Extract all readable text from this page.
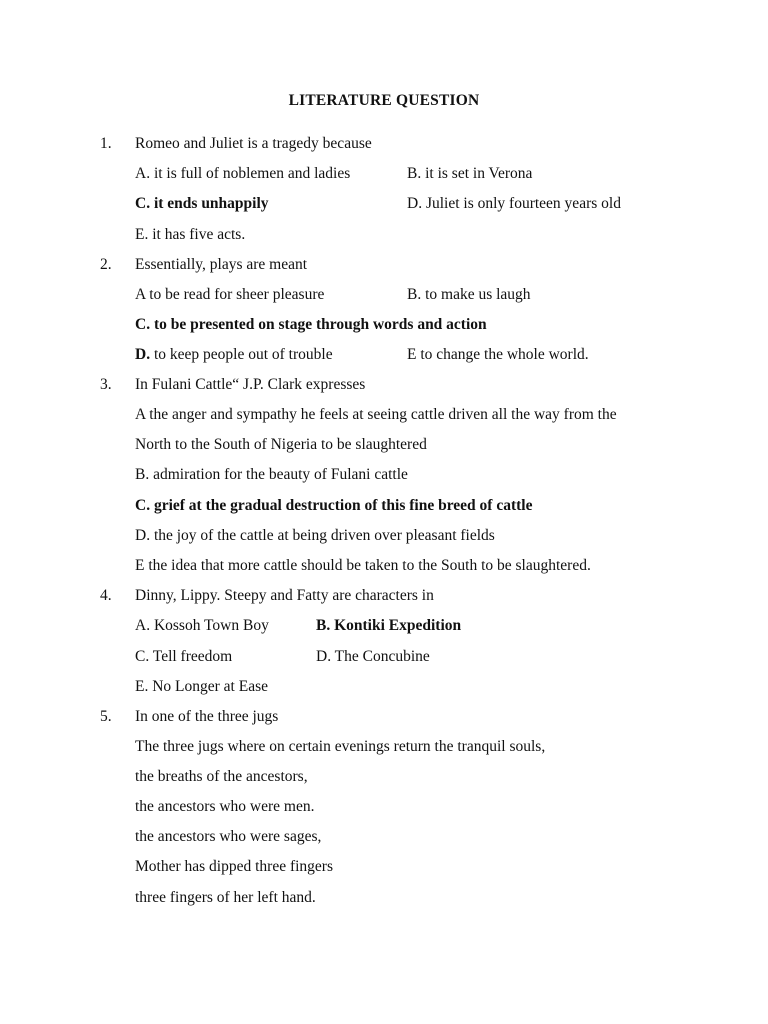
LITERATURE QUESTION
1. Romeo and Juliet is a tragedy because
A. it is full of noblemen and ladies	B. it is set in Verona
C. it ends unhappily	D. Juliet is only fourteen years old
E. it has five acts.
2. Essentially, plays are meant
A to be read for sheer pleasure	B. to make us laugh
C. to be presented on stage through words and action
D. to keep people out of trouble	E to change the whole world.
3. In Fulani Cattle“ J.P. Clark expresses
A the anger and sympathy he feels at seeing cattle driven all the way from the
North to the South of Nigeria to be slaughtered
B. admiration for the beauty of Fulani cattle
C. grief at the gradual destruction of this fine breed of cattle
D. the joy of the cattle at being driven over pleasant fields
E the idea that more cattle should be taken to the South to be slaughtered.
4. Dinny, Lippy. Steepy and Fatty are characters in
A. Kossoh Town Boy	B. Kontiki Expedition
C. Tell freedom	D. The Concubine
E. No Longer at Ease
5. In one of the three jugs
The three jugs where on certain evenings return the tranquil souls,
the breaths of the ancestors,
the ancestors who were men.
the ancestors who were sages,
Mother has dipped three fingers
three fingers of her left hand.
